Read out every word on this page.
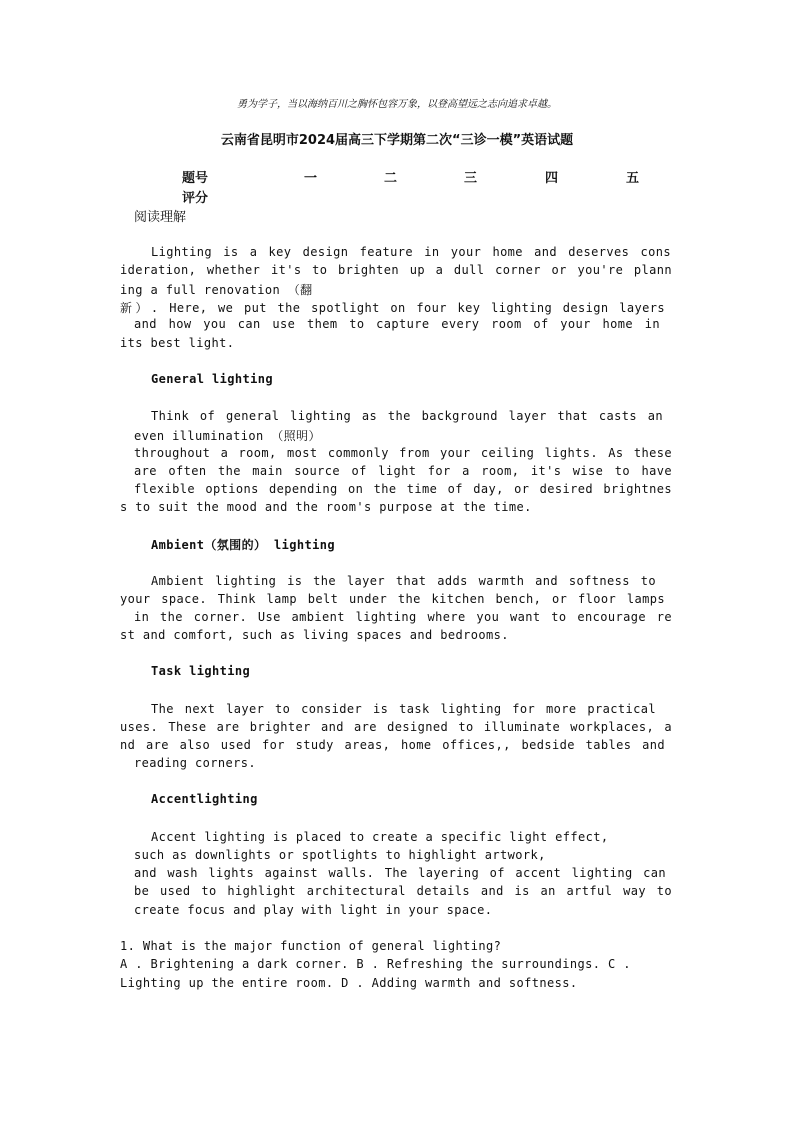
勇为学子，当以海纳百川之胸怀包容万象，以登高望远之志向追求卓越。
云南省昆明市2024届高三下学期第二次“三诊一模”英语试题
题号	一	二	三	四	五
评分
阅读理解
Lighting is a key design feature in your home and deserves cons
ideration, whether it's to brighten up a dull corner or you're plann
ing a full renovation （翻
新）. Here, we put the spotlight on four key lighting design layers
and how you can use them to capture every room of your home in
its best light.
General lighting
Think of general lighting as the background layer that casts an
even illumination （照明）
throughout a room, most commonly from your ceiling lights. As these
are often the main source of light for a room, it's wise to have
flexible options depending on the time of day, or desired brightnes
s to suit the mood and the room's purpose at the time.
Ambient（氛围的） lighting
Ambient lighting is the layer that adds warmth and softness to
your space. Think lamp belt under the kitchen bench, or floor lamps
in the corner. Use ambient lighting where you want to encourage re
st and comfort, such as living spaces and bedrooms.
Task lighting
The next layer to consider is task lighting for more practical
uses. These are brighter and are designed to illuminate workplaces, a
nd are also used for study areas, home offices,, bedside tables and
reading corners.
Accentlighting
Accent lighting is placed to create a specific light effect,
such as downlights or spotlights to highlight artwork,
and wash lights against walls. The layering of accent lighting can
be used to highlight architectural details and is an artful way to
create focus and play with light in your space.
1. What is the major function of general lighting?
A . Brightening a dark corner. B . Refreshing the surroundings. C .
Lighting up the entire room. D . Adding warmth and softness.
